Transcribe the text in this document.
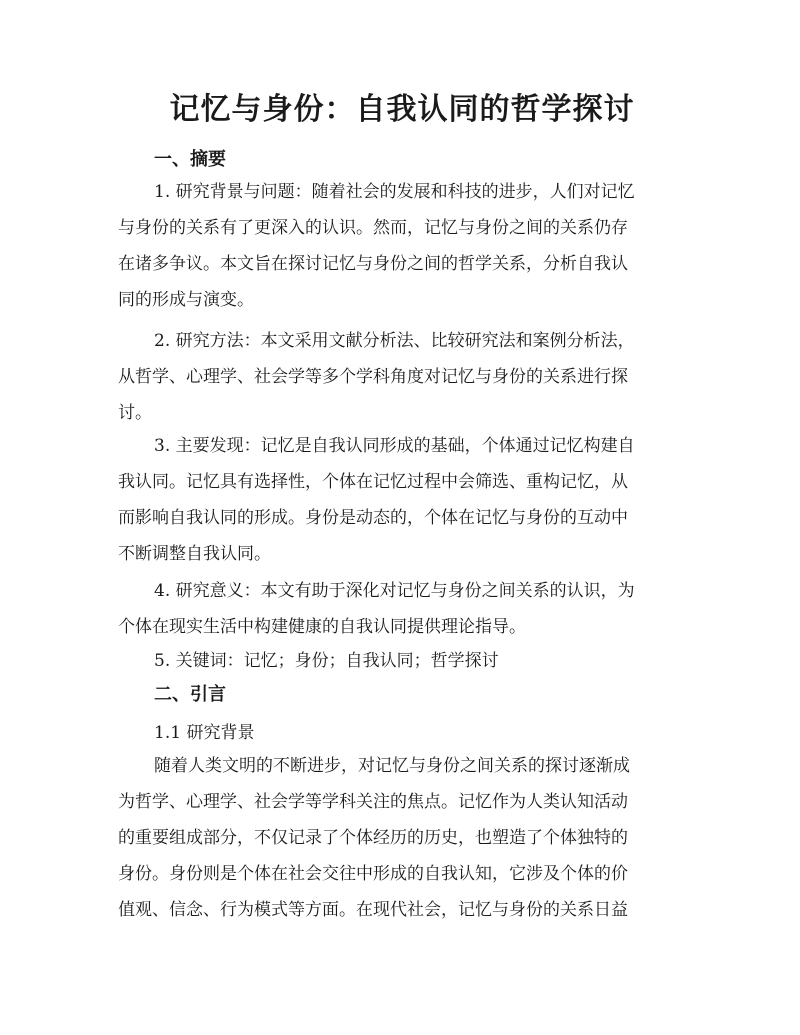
记忆与身份：自我认同的哲学探讨
一、摘要
1. 研究背景与问题：随着社会的发展和科技的进步，人们对记忆
与身份的关系有了更深入的认识。然而，记忆与身份之间的关系仍存
在诸多争议。本文旨在探讨记忆与身份之间的哲学关系，分析自我认
同的形成与演变。
2. 研究方法：本文采用文献分析法、比较研究法和案例分析法，
从哲学、心理学、社会学等多个学科角度对记忆与身份的关系进行探
讨。
3. 主要发现：记忆是自我认同形成的基础，个体通过记忆构建自
我认同。记忆具有选择性，个体在记忆过程中会筛选、重构记忆，从
而影响自我认同的形成。身份是动态的，个体在记忆与身份的互动中
不断调整自我认同。
4. 研究意义：本文有助于深化对记忆与身份之间关系的认识，为
个体在现实生活中构建健康的自我认同提供理论指导。
5. 关键词：记忆；身份；自我认同；哲学探讨
二、引言
1.1 研究背景
随着人类文明的不断进步，对记忆与身份之间关系的探讨逐渐成
为哲学、心理学、社会学等学科关注的焦点。记忆作为人类认知活动
的重要组成部分，不仅记录了个体经历的历史，也塑造了个体独特的
身份。身份则是个体在社会交往中形成的自我认知，它涉及个体的价
值观、信念、行为模式等方面。在现代社会，记忆与身份的关系日益
